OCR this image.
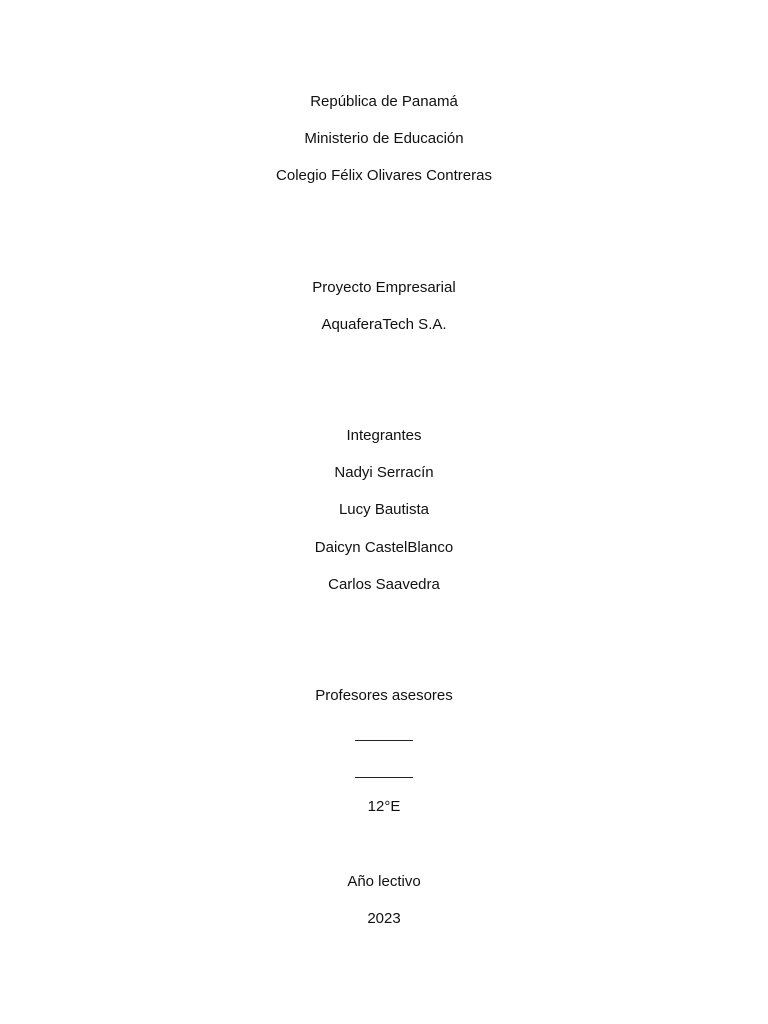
República de Panamá
Ministerio de Educación
Colegio Félix Olivares Contreras
Proyecto Empresarial
AquaferaTech S.A.
Integrantes
Nadyi Serracín
Lucy Bautista
Daicyn CastelBlanco
Carlos Saavedra
Profesores asesores
12°E
Año lectivo
2023
